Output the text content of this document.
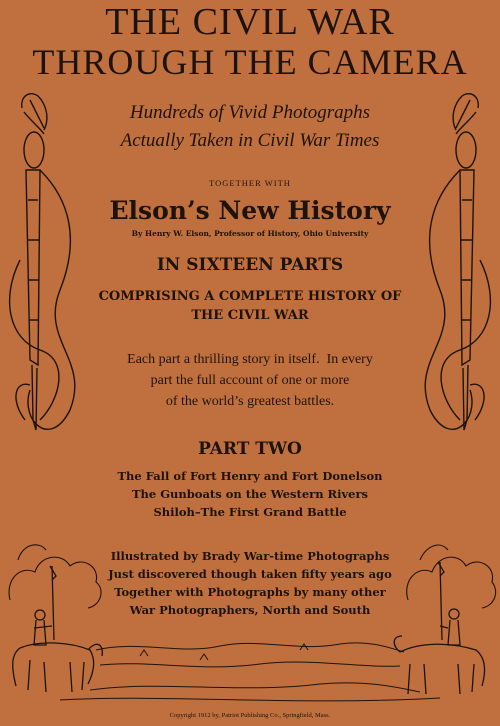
THE CIVIL WAR
THROUGH THE CAMERA
Hundreds of Vivid Photographs
Actually Taken in Civil War Times
TOGETHER WITH
Elson’s New History
By Henry W. Elson, Professor of History, Ohio University
IN SIXTEEN PARTS
COMPRISING A COMPLETE HISTORY OF
THE CIVIL WAR
Each part a thrilling story in itself.  In every
part the full account of one or more
of the world’s greatest battles.
PART TWO
The Fall of Fort Henry and Fort Donelson
The Gunboats on the Western Rivers
Shiloh–The First Grand Battle
Illustrated by Brady War-time Photographs
Just discovered though taken fifty years ago
Together with Photographs by many other
War Photographers, North and South
Copyright 1912 by, Patriot Publishing Co., Springfield, Mass.
